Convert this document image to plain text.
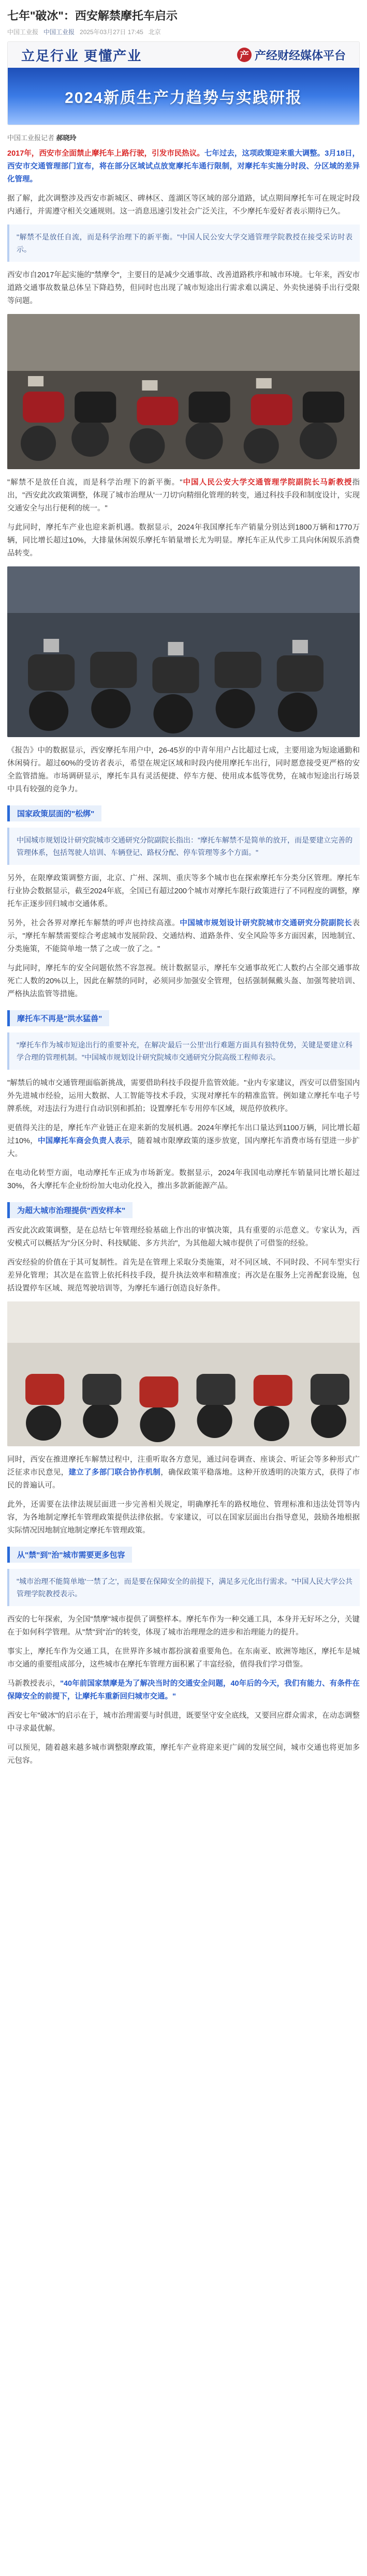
七年"破冰"：西安解禁摩托车启示
中国工业报 中国工业报 2025年03月27日 17:45 北京
立足行业 更懂产业	产 产经财经媒体平台
2024新质生产力趋势与实践研报
中国工业报记者 郝晓玲

2017年，西安市全面禁止摩托车上路行驶，引发市民热议。七年过去，这项政策迎来重大调整。3月18日，西安市交通管理部门宣布，将在部分区域试点放宽摩托车通行限制，对摩托车实施分时段、分区域的差异化管理。

据了解，此次调整涉及西安市新城区、碑林区、莲湖区等区域的部分道路，试点期间摩托车可在规定时段内通行，并需遵守相关交通规则。这一消息迅速引发社会广泛关注，不少摩托车爱好者表示期待已久。

"解禁不是放任自流，而是科学治理下的新平衡。"中国人民公安大学交通管理学院教授在接受采访时表示。

西安市自2017年起实施的"禁摩令"，主要目的是减少交通事故、改善道路秩序和城市环境。七年来，西安市道路交通事故数量总体呈下降趋势，但同时也出现了城市短途出行需求难以满足、外卖快递骑手出行受限等问题。

"解禁不是放任自流，而是科学治理下的新平衡。"中国人民公安大学交通管理学院副院长马新教授指出，"西安此次政策调整，体现了城市治理从'一刀切'向精细化管理的转变，通过科技手段和制度设计，实现交通安全与出行便利的统一。"

与此同时，摩托车产业也迎来新机遇。数据显示，2024年我国摩托车产销量分别达到1800万辆和1770万辆，同比增长超过10%，大排量休闲娱乐摩托车销量增长尤为明显。摩托车正从代步工具向休闲娱乐消费品转变。

《报告》中的数据显示，西安摩托车用户中，26-45岁的中青年用户占比超过七成，主要用途为短途通勤和休闲骑行。超过60%的受访者表示，希望在规定区域和时段内使用摩托车出行，同时愿意接受更严格的安全监管措施。市场调研显示，摩托车具有灵活便捷、停车方便、使用成本低等优势，在城市短途出行场景中具有较强的竞争力。

国家政策层面的"松绑"

中国城市规划设计研究院城市交通研究分院副院长指出："摩托车解禁不是简单的放开，而是要建立完善的管理体系，包括驾驶人培训、车辆登记、路权分配、停车管理等多个方面。"

另外，在限摩政策调整方面，北京、广州、深圳、重庆等多个城市也在探索摩托车分类分区管理。摩托车行业协会数据显示，截至2024年底，全国已有超过200个城市对摩托车限行政策进行了不同程度的调整，摩托车正逐步回归城市交通体系。

另外，社会各界对摩托车解禁的呼声也持续高涨。中国城市规划设计研究院城市交通研究分院副院长表示，"摩托车解禁需要综合考虑城市发展阶段、交通结构、道路条件、安全风险等多方面因素，因地制宜、分类施策，不能简单地一禁了之或一放了之。"

与此同时，摩托车的安全问题依然不容忽视。统计数据显示，摩托车交通事故死亡人数约占全部交通事故死亡人数的20%以上，因此在解禁的同时，必须同步加强安全管理，包括强制佩戴头盔、加强驾驶培训、严格执法监管等措施。

摩托车不再是"洪水猛兽"

"摩托车作为城市短途出行的重要补充，在解决'最后一公里'出行难题方面具有独特优势，关键是要建立科学合理的管理机制。"中国城市规划设计研究院城市交通研究分院高级工程师表示。

"解禁后的城市交通管理面临新挑战，需要借助科技手段提升监管效能。"业内专家建议，西安可以借鉴国内外先进城市经验，运用大数据、人工智能等技术手段，实现对摩托车的精准监管。例如建立摩托车电子号牌系统，对违法行为进行自动识别和抓拍；设置摩托车专用停车区域，规范停放秩序。

更值得关注的是，摩托车产业链正在迎来新的发展机遇。2024年摩托车出口量达到1100万辆，同比增长超过10%，中国摩托车商会负责人表示，随着城市限摩政策的逐步放宽，国内摩托车消费市场有望进一步扩大。

在电动化转型方面，电动摩托车正成为市场新宠。数据显示，2024年我国电动摩托车销量同比增长超过30%，各大摩托车企业纷纷加大电动化投入，推出多款新能源产品。

为超大城市治理提供"西安样本"

西安此次政策调整，是在总结七年管理经验基础上作出的审慎决策，具有重要的示范意义。专家认为，西安模式可以概括为"分区分时、科技赋能、多方共治"，为其他超大城市提供了可借鉴的经验。

西安经验的价值在于其可复制性。首先是在管理上采取分类施策，对不同区域、不同时段、不同车型实行差异化管理；其次是在监管上依托科技手段，提升执法效率和精准度；再次是在服务上完善配套设施，包括设置停车区域、规范驾驶培训等，为摩托车通行创造良好条件。

同时，西安在推进摩托车解禁过程中，注重听取各方意见，通过问卷调查、座谈会、听证会等多种形式广泛征求市民意见，建立了多部门联合协作机制，确保政策平稳落地。这种开放透明的决策方式，获得了市民的普遍认可。

此外，还需要在法律法规层面进一步完善相关规定，明确摩托车的路权地位、管理标准和违法处罚等内容，为各地制定摩托车管理政策提供法律依据。专家建议，可以在国家层面出台指导意见，鼓励各地根据实际情况因地制宜地制定摩托车管理政策。

从"禁"到"治"城市需要更多包容

"城市治理不能简单地'一禁了之'，而是要在保障安全的前提下，满足多元化出行需求。"中国人民大学公共管理学院教授表示。

西安的七年探索，为全国"禁摩"城市提供了调整样本。摩托车作为一种交通工具，本身并无好坏之分，关键在于如何科学管理。从"禁"到"治"的转变，体现了城市治理理念的进步和治理能力的提升。

事实上，摩托车作为交通工具，在世界许多城市都扮演着重要角色。在东南亚、欧洲等地区，摩托车是城市交通的重要组成部分，这些城市在摩托车管理方面积累了丰富经验，值得我们学习借鉴。

马新教授表示，"40年前国家禁摩是为了解决当时的交通安全问题，40年后的今天，我们有能力、有条件在保障安全的前提下，让摩托车重新回归城市交通。"

西安七年"破冰"的启示在于，城市治理需要与时俱进，既要坚守安全底线，又要回应群众需求，在动态调整中寻求最优解。

可以预见，随着越来越多城市调整限摩政策，摩托车产业将迎来更广阔的发展空间，城市交通也将更加多元包容。
